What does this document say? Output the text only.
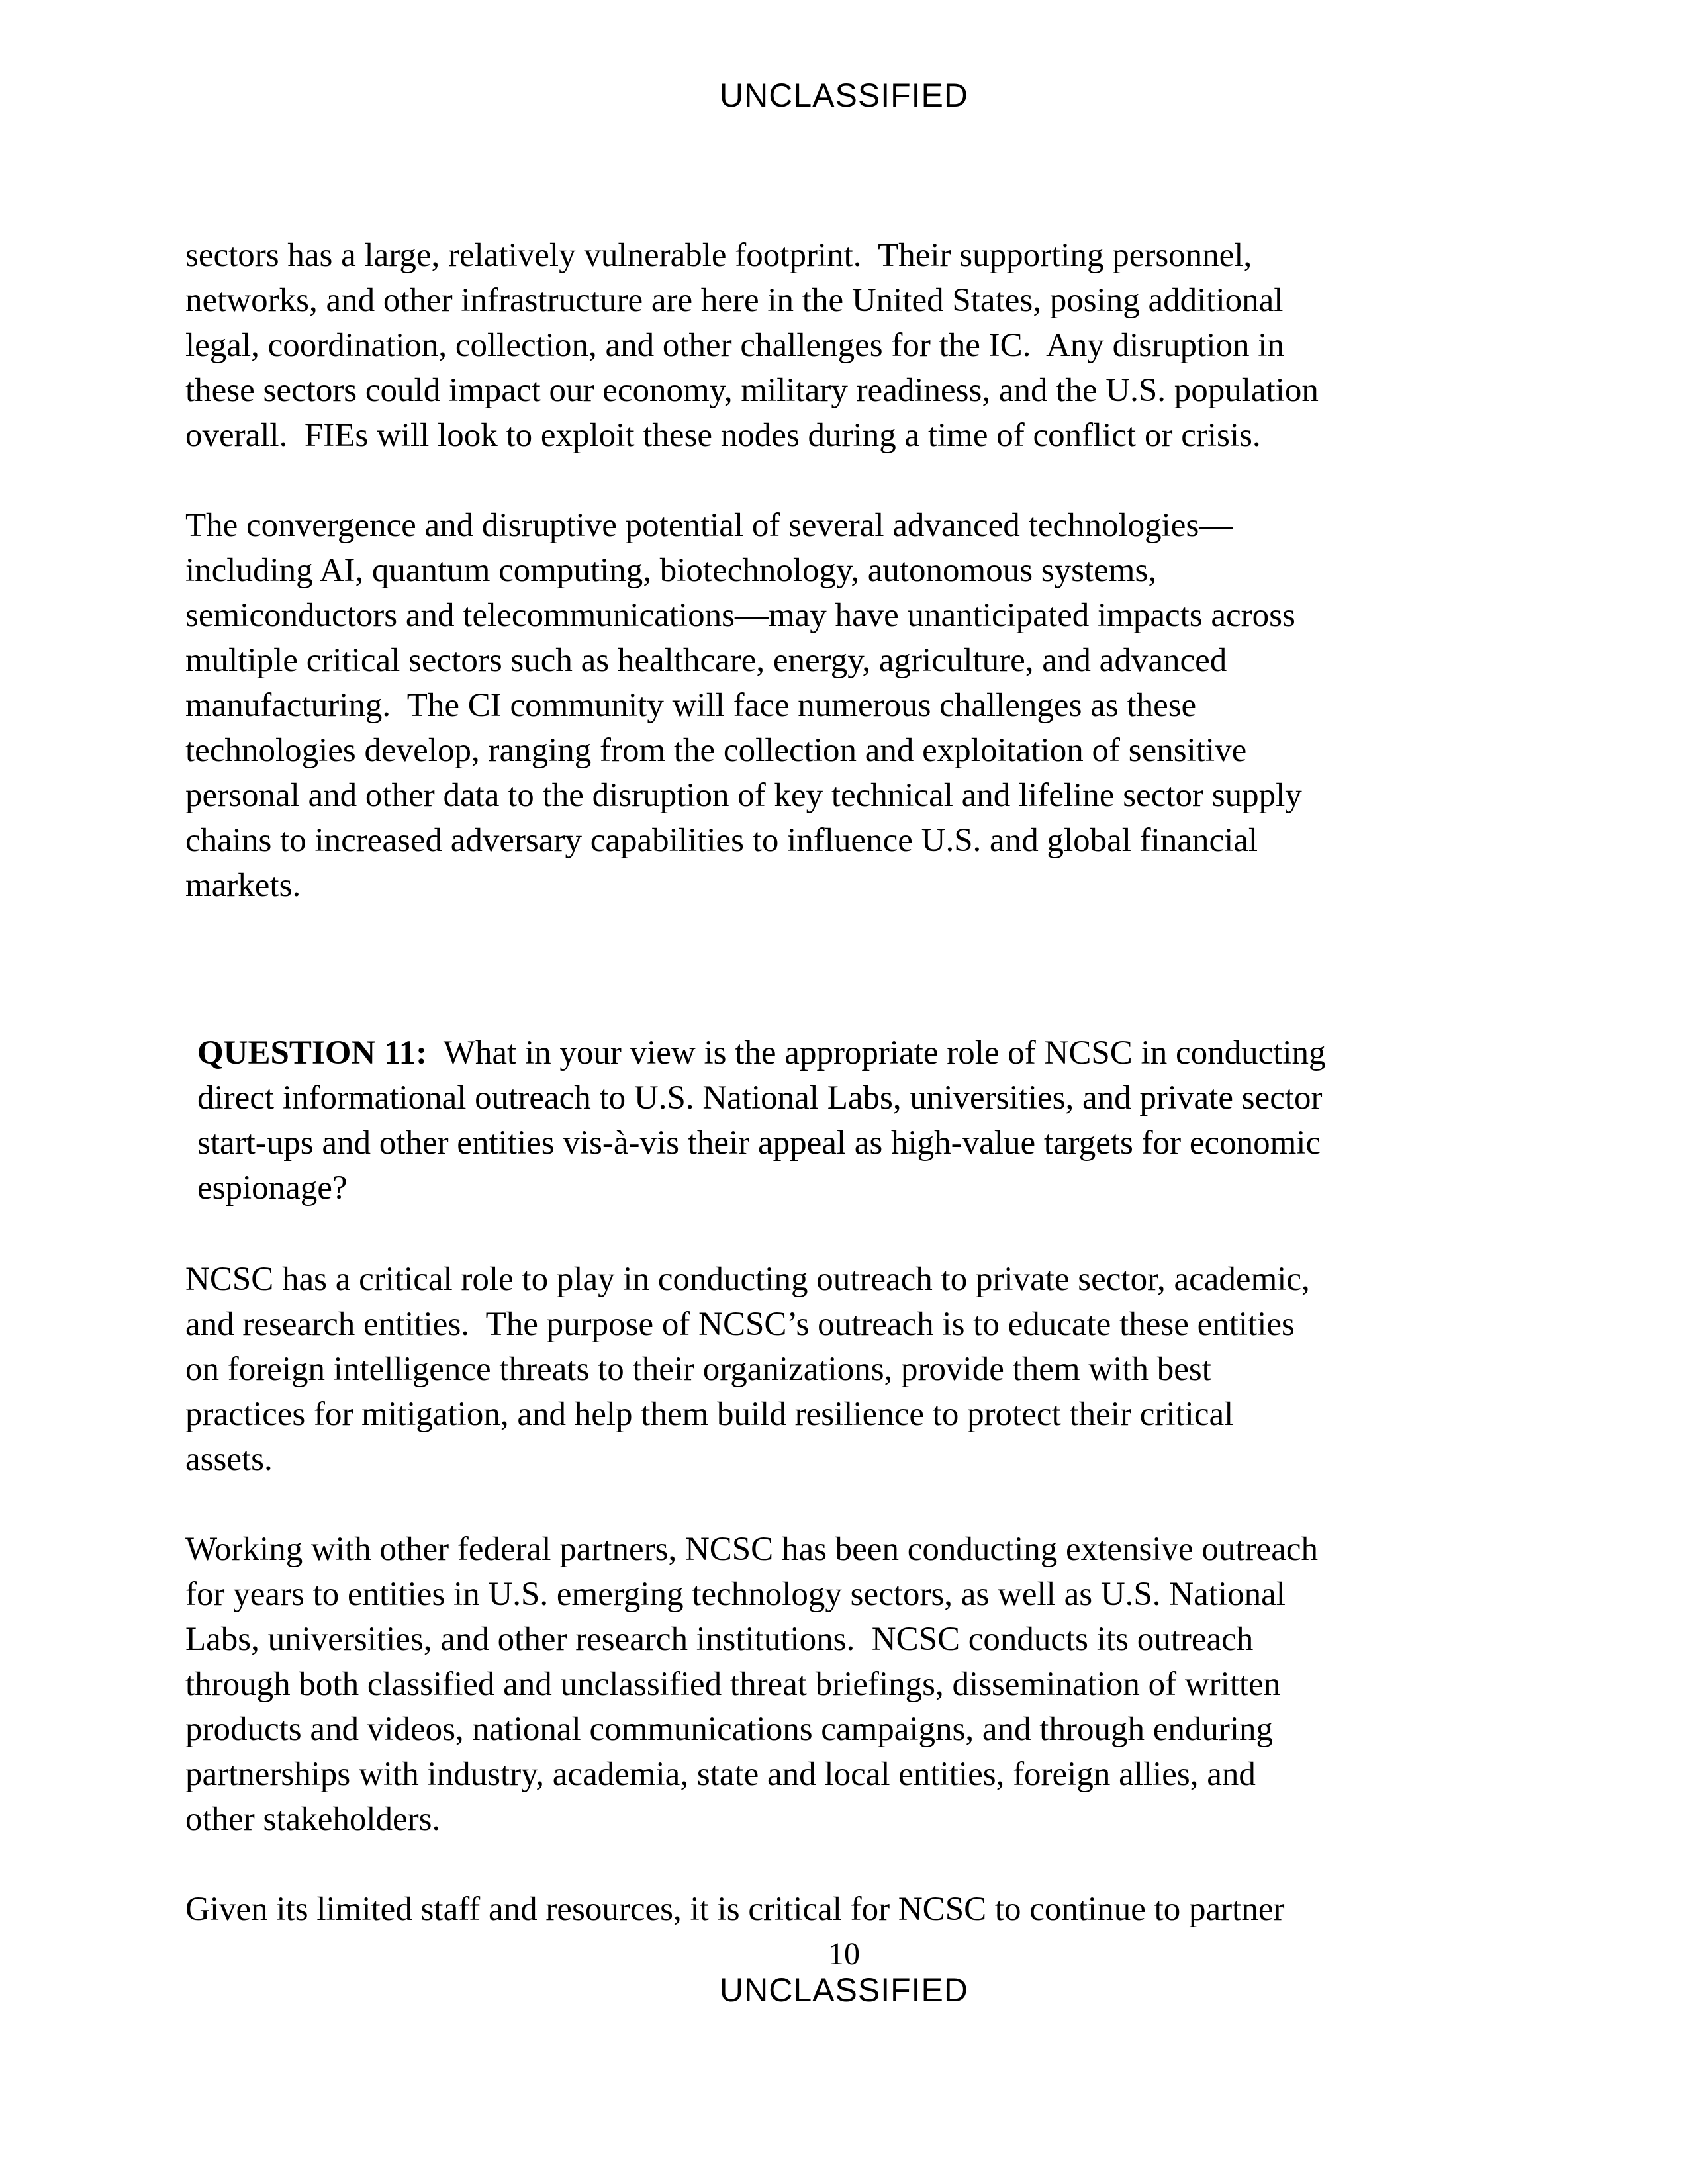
UNCLASSIFIED
sectors has a large, relatively vulnerable footprint.  Their supporting personnel,
networks, and other infrastructure are here in the United States, posing additional
legal, coordination, collection, and other challenges for the IC.  Any disruption in
these sectors could impact our economy, military readiness, and the U.S. population
overall.  FIEs will look to exploit these nodes during a time of conflict or crisis.
The convergence and disruptive potential of several advanced technologies—
including AI, quantum computing, biotechnology, autonomous systems,
semiconductors and telecommunications—may have unanticipated impacts across
multiple critical sectors such as healthcare, energy, agriculture, and advanced
manufacturing.  The CI community will face numerous challenges as these
technologies develop, ranging from the collection and exploitation of sensitive
personal and other data to the disruption of key technical and lifeline sector supply
chains to increased adversary capabilities to influence U.S. and global financial
markets.
QUESTION 11:  What in your view is the appropriate role of NCSC in conducting
direct informational outreach to U.S. National Labs, universities, and private sector
start-ups and other entities vis-à-vis their appeal as high-value targets for economic
espionage?
NCSC has a critical role to play in conducting outreach to private sector, academic,
and research entities.  The purpose of NCSC’s outreach is to educate these entities
on foreign intelligence threats to their organizations, provide them with best
practices for mitigation, and help them build resilience to protect their critical
assets.
Working with other federal partners, NCSC has been conducting extensive outreach
for years to entities in U.S. emerging technology sectors, as well as U.S. National
Labs, universities, and other research institutions.  NCSC conducts its outreach
through both classified and unclassified threat briefings, dissemination of written
products and videos, national communications campaigns, and through enduring
partnerships with industry, academia, state and local entities, foreign allies, and
other stakeholders.
Given its limited staff and resources, it is critical for NCSC to continue to partner
10
UNCLASSIFIED
